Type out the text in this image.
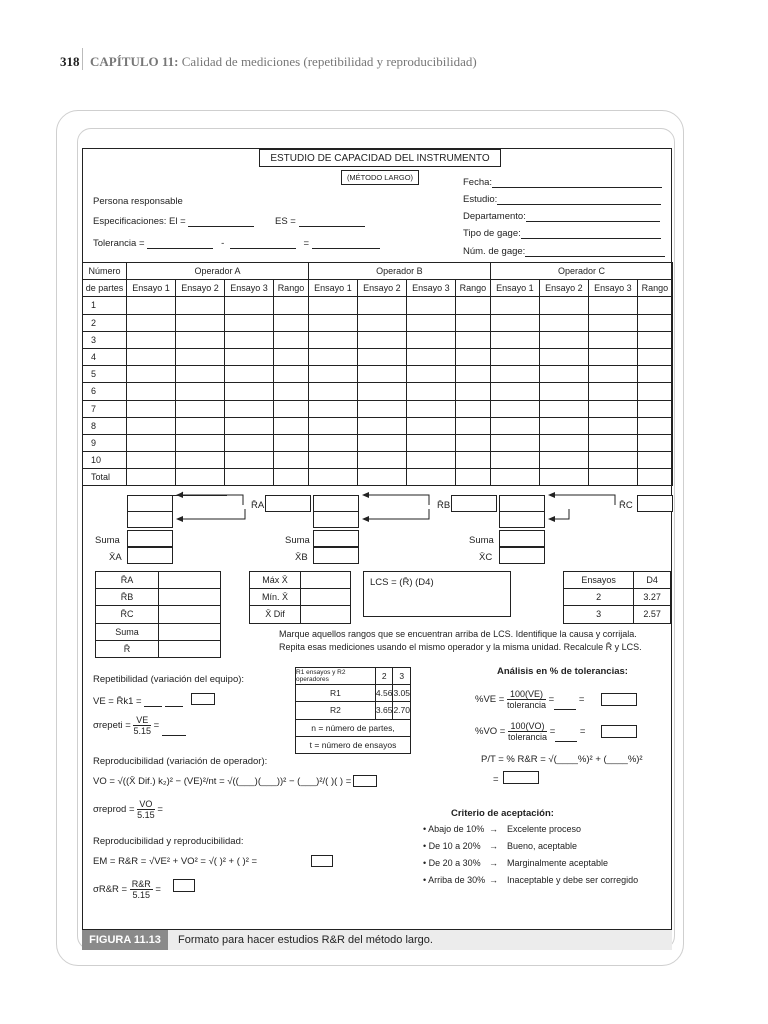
318 CAPÍTULO 11: Calidad de mediciones (repetibilidad y reproducibilidad)
ESTUDIO DE CAPACIDAD DEL INSTRUMENTO
(MÉTODO LARGO)
Persona responsable
Especificaciones: El =	ES =
Tolerancia =	-	=
Fecha:
Estudio:
Departamento:
Tipo de gage:
Núm. de gage:
Número	Operador A				Operador B				Operador C			
de partes	Ensayo 1	Ensayo 2	Ensayo 3	Rango	Ensayo 1	Ensayo 2	Ensayo 3	Rango	Ensayo 1	Ensayo 2	Ensayo 3	Rango
1												
2												
3												
4												
5												
6												
7												
8												
9												
10												
Total												
R̄A	R̄B	R̄C
Suma
X̄A
Suma
X̄B
Suma
X̄C
R̄A	
R̄B	
R̄C	
Suma	
R̄	
Máx X̄	
Mín. X̄	
X̄ Dif	
LCS = (R̄) (D4)	Ensayos	D4
2	3.27
3	2.57
Marque aquellos rangos que se encuentran arriba de LCS. Identifique la causa y corrijala.
Repita esas mediciones usando el mismo operador y la misma unidad. Recalcule R̄ y LCS.
Repetibilidad (variación del equipo):
VE = R̄k1 =
σrepeti = $\frac{VE}{5.15}$ =
R1 ensayos y R2 operadores	2	3
R1	4.56	3.05
R2	3.65	2.70
n = número de partes,		
t = número de ensayos		
Análisis en % de tolerancias:
$\%VE = \frac{100(VE)}{\text{tolerancia}}$ =	=
$\%VO = \frac{100(VO)}{\text{tolerancia}}$ =	=
P/T = % R&R = √(____%)² + (____%)²
=
Reproducibilidad (variación de operador):
VO = √((X̄ Dif.) k₂)² − (VE)²/nt = √((___)(___))² − (___)²/( )( ) =
σreprod = $\frac{VO}{5.15}$ =	Criterio de aceptación:
• Abajo de 10%→Excelente proceso
• De 10 a 20%→Bueno, aceptable
• De 20 a 30%→Marginalmente aceptable
• Arriba de 30%→Inaceptable y debe ser corregido
Reproducibilidad y reproducibilidad:
EM = R&R = √VE² + VO² = √( )² + ( )² =
σR&R = $\frac{R\&R}{5.15}$ =
FIGURA 11.13	Formato para hacer estudios R&R del método largo.
